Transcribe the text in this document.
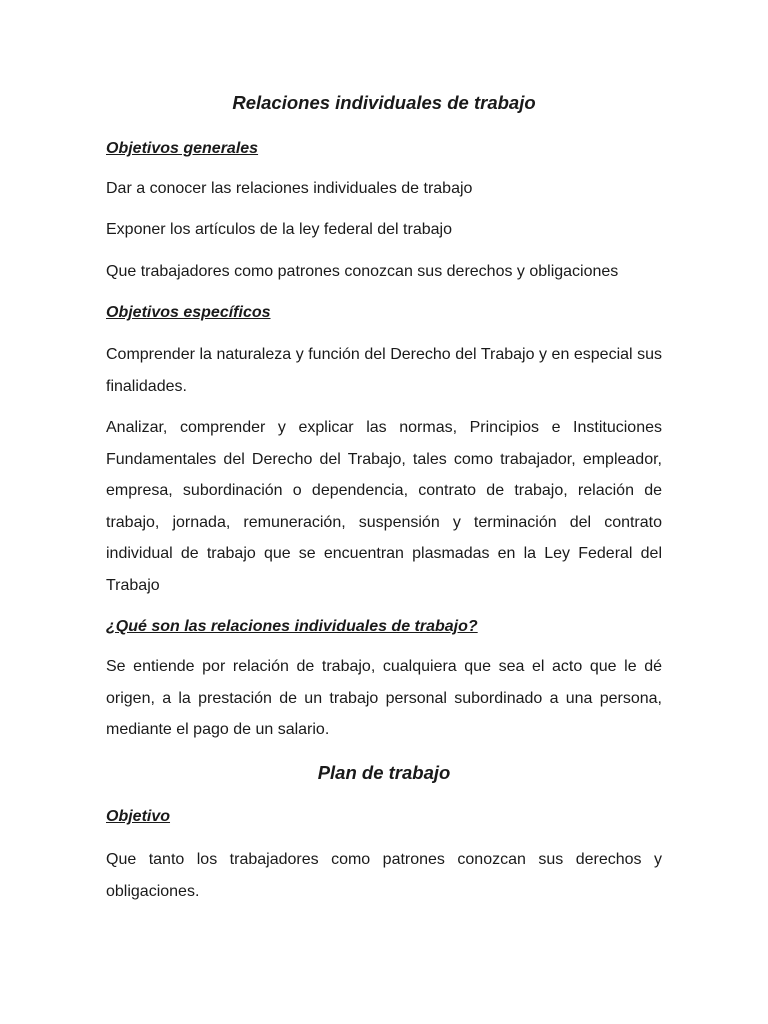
Relaciones individuales de trabajo
Objetivos generales

Dar a conocer las relaciones individuales de trabajo

Exponer los artículos de la ley federal del trabajo

Que trabajadores como patrones conozcan sus derechos y obligaciones

Objetivos específicos

Comprender la naturaleza y función del Derecho del Trabajo y en especial sus finalidades.

Analizar, comprender y explicar las normas, Principios e Instituciones Fundamentales del Derecho del Trabajo, tales como trabajador, empleador, empresa, subordinación o dependencia, contrato de trabajo, relación de trabajo, jornada, remuneración, suspensión y terminación del contrato individual de trabajo que se encuentran plasmadas en la Ley Federal del Trabajo

¿Qué son las relaciones individuales de trabajo?

Se entiende por relación de trabajo, cualquiera que sea el acto que le dé origen, a la prestación de un trabajo personal subordinado a una persona, mediante el pago de un salario.

Plan de trabajo
Objetivo

Que tanto los trabajadores como patrones conozcan sus derechos y obligaciones.
